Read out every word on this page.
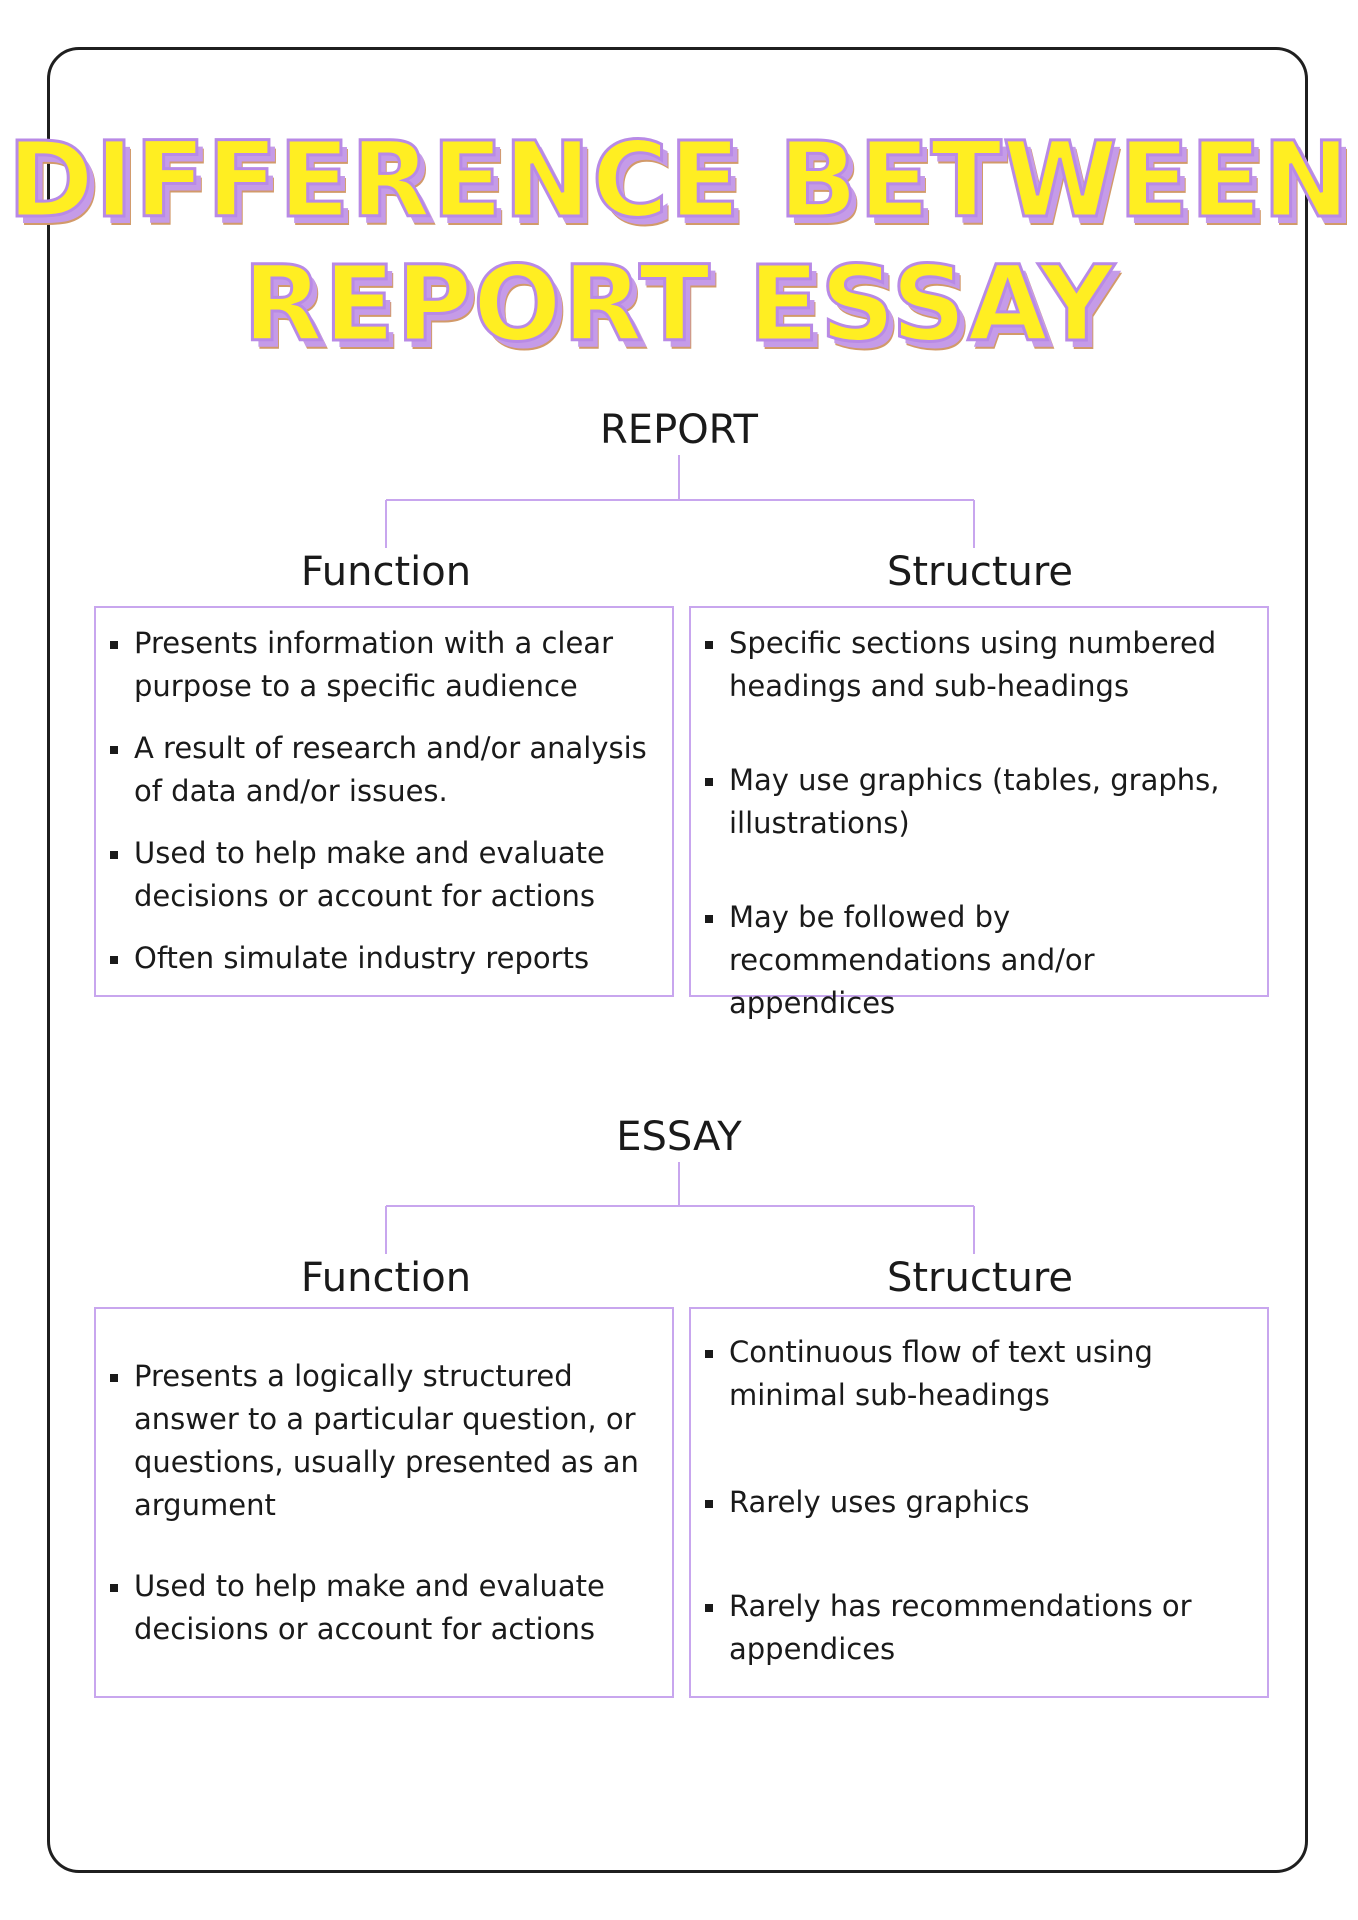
DIFFERENCE BETWEEN
REPORT ESSAY
REPORT
Function	Structure
Presents information with a clear purpose to a specific audience
A result of research and/or analysis of data and/or issues.
Used to help make and evaluate decisions or account for actions
Often simulate industry reports
Specific sections using numbered headings and sub-headings
May use graphics (tables, graphs, illustrations)
May be followed by recommendations and/or appendices
ESSAY
Function	Structure
Presents a logically structured answer to a particular question, or questions, usually presented as an argument
Used to help make and evaluate decisions or account for actions
Continuous flow of text using minimal sub-headings
Rarely uses graphics
Rarely has recommendations or appendices
